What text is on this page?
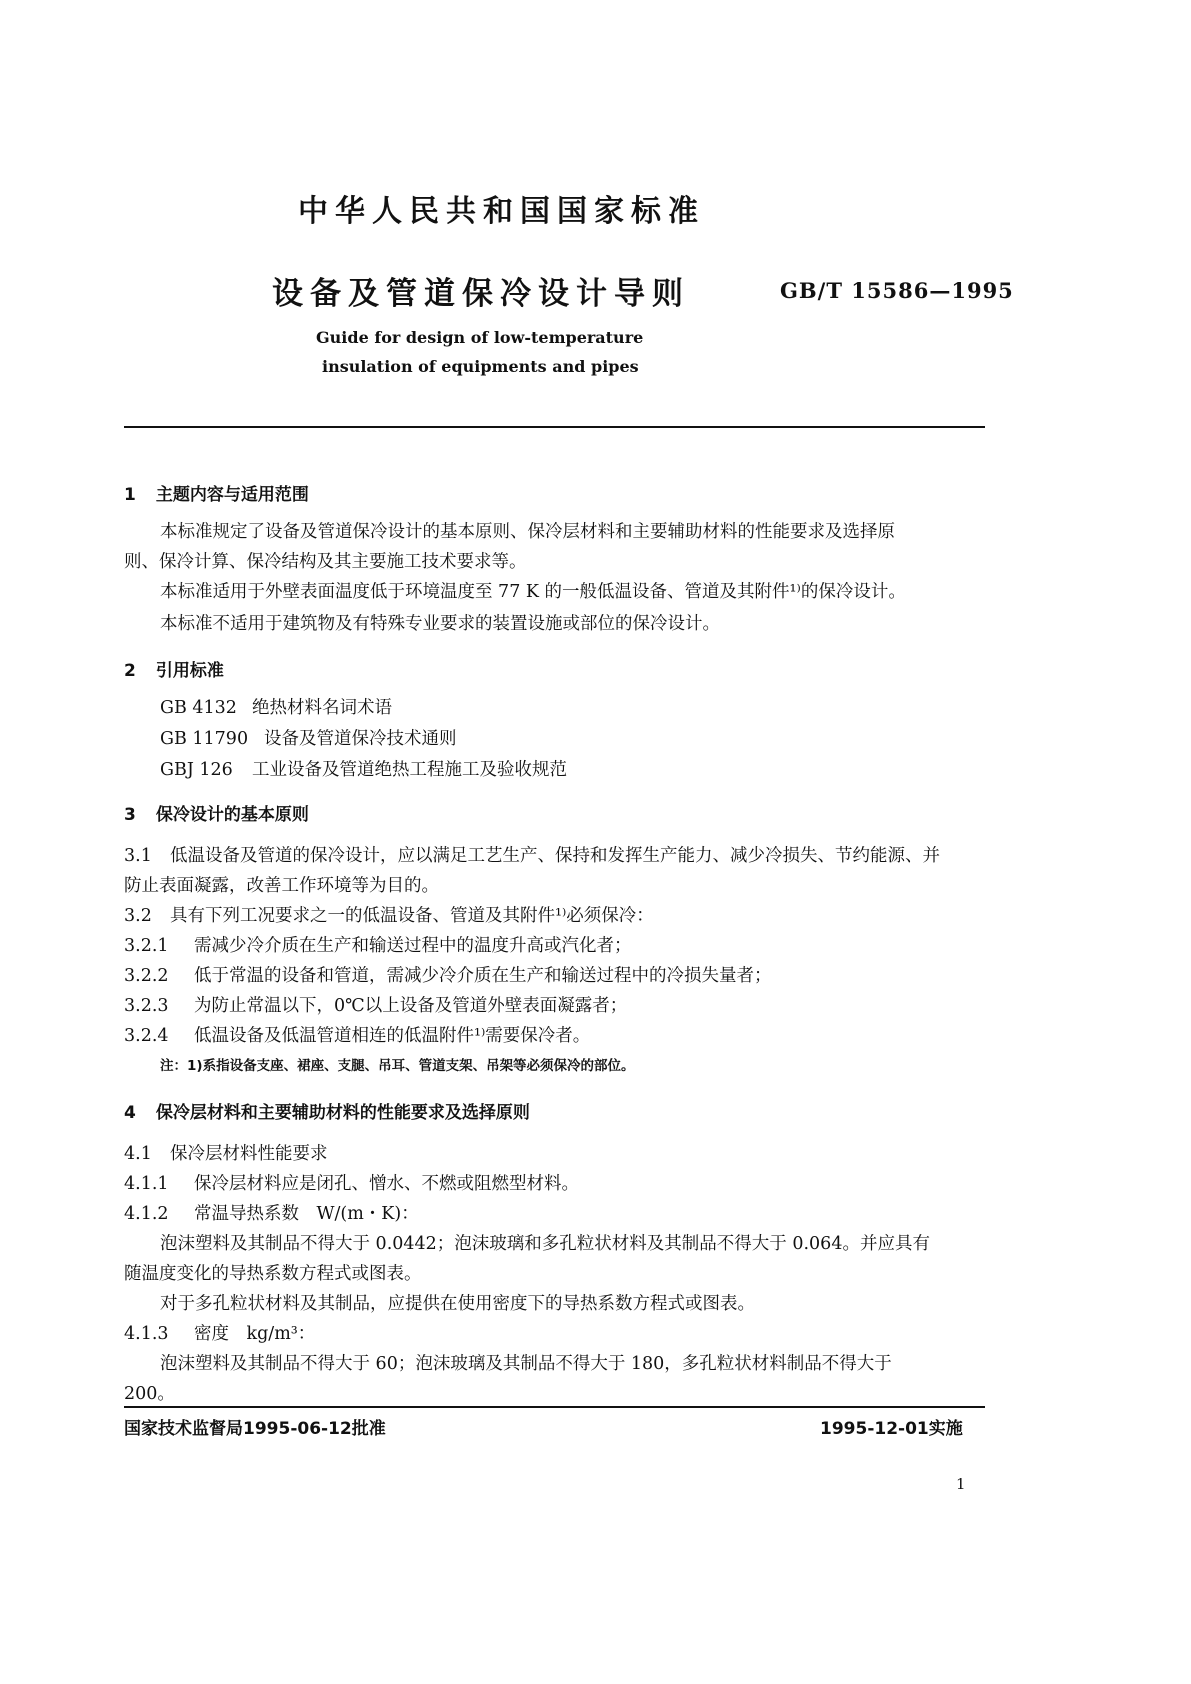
中华人民共和国国家标准
设备及管道保冷设计导则	GB/T 15586—1995
Guide for design of low-temperature
insulation of equipments and pipes
1 主题内容与适用范围
本标准规定了设备及管道保冷设计的基本原则、保冷层材料和主要辅助材料的性能要求及选择原
则、保冷计算、保冷结构及其主要施工技术要求等。
本标准适用于外壁表面温度低于环境温度至 77 K 的一般低温设备、管道及其附件¹⁾的保冷设计。
本标准不适用于建筑物及有特殊专业要求的装置设施或部位的保冷设计。
2 引用标准
GB 4132 绝热材料名词术语
GB 11790 设备及管道保冷技术通则
GBJ 126 工业设备及管道绝热工程施工及验收规范
3 保冷设计的基本原则
3.1 低温设备及管道的保冷设计，应以满足工艺生产、保持和发挥生产能力、减少冷损失、节约能源、并
防止表面凝露，改善工作环境等为目的。
3.2 具有下列工况要求之一的低温设备、管道及其附件¹⁾必须保冷：
3.2.1 需减少冷介质在生产和输送过程中的温度升高或汽化者；
3.2.2 低于常温的设备和管道，需减少冷介质在生产和输送过程中的冷损失量者；
3.2.3 为防止常温以下，0℃以上设备及管道外壁表面凝露者；
3.2.4 低温设备及低温管道相连的低温附件¹⁾需要保冷者。
注：1)系指设备支座、裙座、支腿、吊耳、管道支架、吊架等必须保冷的部位。
4 保冷层材料和主要辅助材料的性能要求及选择原则
4.1 保冷层材料性能要求
4.1.1 保冷层材料应是闭孔、憎水、不燃或阻燃型材料。
4.1.2 常温导热系数　W/(m・K)：
泡沫塑料及其制品不得大于 0.0442；泡沫玻璃和多孔粒状材料及其制品不得大于 0.064。并应具有
随温度变化的导热系数方程式或图表。
对于多孔粒状材料及其制品，应提供在使用密度下的导热系数方程式或图表。
4.1.3 密度　kg/m³：
泡沫塑料及其制品不得大于 60；泡沫玻璃及其制品不得大于 180，多孔粒状材料制品不得大于
200。
国家技术监督局1995-06-12批准	1995-12-01实施
1
